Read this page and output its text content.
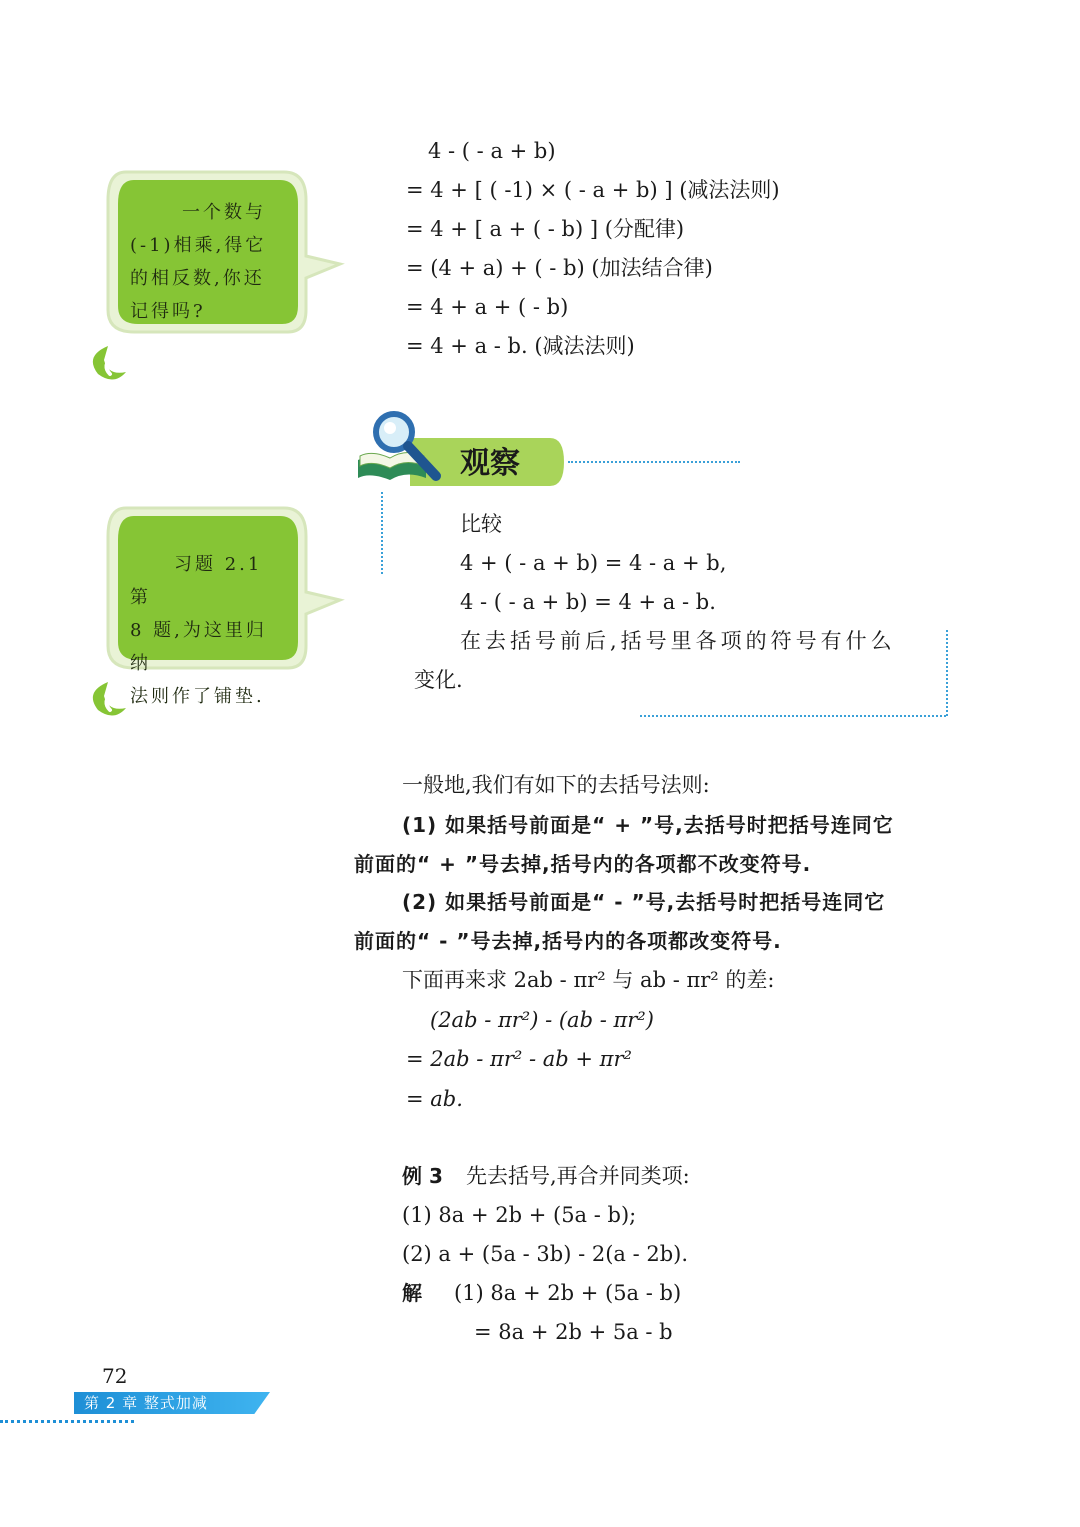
一个数与
(-1)相乘,得它
的相反数,你还
记得吗?
4 - ( - a + b)
= 4 + [ ( -1) × ( - a + b) ] (减法法则)
= 4 + [ a + ( - b) ] (分配律)
= (4 + a) + ( - b) (加法结合律)
= 4 + a + ( - b)
= 4 + a - b. (减法法则)
观察
习题 2.1 第
8 题,为这里归纳
法则作了铺垫.
比较
4 + ( - a + b) = 4 - a + b,
4 - ( - a + b) = 4 + a - b.
在去括号前后,括号里各项的符号有什么
变化.
一般地,我们有如下的去括号法则:
(1) 如果括号前面是“ + ”号,去括号时把括号连同它
前面的“ + ”号去掉,括号内的各项都不改变符号.
(2) 如果括号前面是“ - ”号,去括号时把括号连同它
前面的“ - ”号去掉,括号内的各项都改变符号.
下面再来求 2ab - πr² 与 ab - πr² 的差:
(2ab - πr²) - (ab - πr²)
= 2ab - πr² - ab + πr²
= ab.
例 3 先去括号,再合并同类项:
(1) 8a + 2b + (5a - b);
(2) a + (5a - 3b) - 2(a - 2b).
解 (1) 8a + 2b + (5a - b)
= 8a + 2b + 5a - b
72
第 2 章 整式加减
